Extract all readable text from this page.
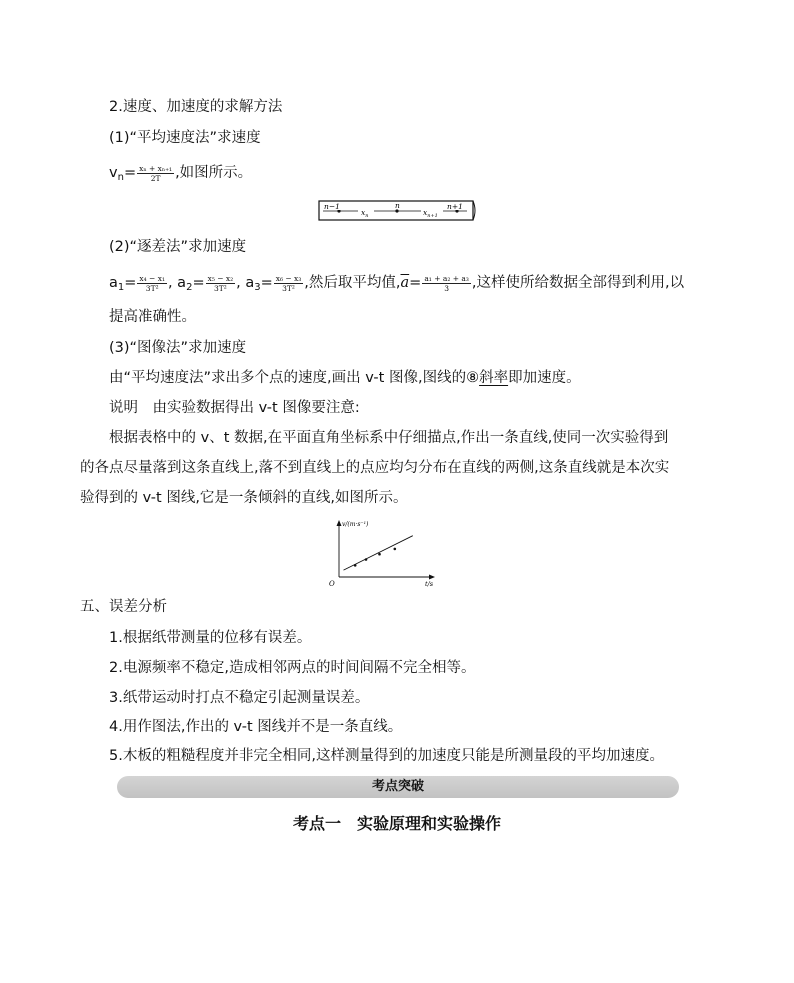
2.速度、加速度的求解方法
(1)“平均速度法”求速度
$v_n= \frac{\text{xₙ + xₙ₊₁}}{2T}$ ,如图所示。
n−1
$x_n$
n
$x_{n+1}$
n+1
(2)“逐差法”求加速度
$a_1= \frac{\text{x₄ − x₁}}{\text{3T²}}$ , $a_2= \frac{\text{x₅ − x₂}}{\text{3T²}}$ , $a_3= \frac{\text{x₆ − x₃}}{\text{3T²}}$ ,然后取平均值$,\overline{a}= \frac{\text{a₁ + a₂ + a₃}}{3}$ ,这样使所给数据全部得到利用,以
提高准确性。
(3)“图像法”求加速度
由“平均速度法”求出多个点的速度,画出 v-t 图像,图线的⑧斜率即加速度。
说明　由实验数据得出 v-t 图像要注意:
根据表格中的 v、t 数据,在平面直角坐标系中仔细描点,作出一条直线,使同一次实验得到
的各点尽量落到这条直线上,落不到直线上的点应均匀分布在直线的两侧,这条直线就是本次实
验得到的 v-t 图线,它是一条倾斜的直线,如图所示。
v/(m·s⁻¹)
t/s
O
五、误差分析
1.根据纸带测量的位移有误差。
2.电源频率不稳定,造成相邻两点的时间间隔不完全相等。
3.纸带运动时打点不稳定引起测量误差。
4.用作图法,作出的 v-t 图线并不是一条直线。
5.木板的粗糙程度并非完全相同,这样测量得到的加速度只能是所测量段的平均加速度。
考点突破
考点一　实验原理和实验操作
